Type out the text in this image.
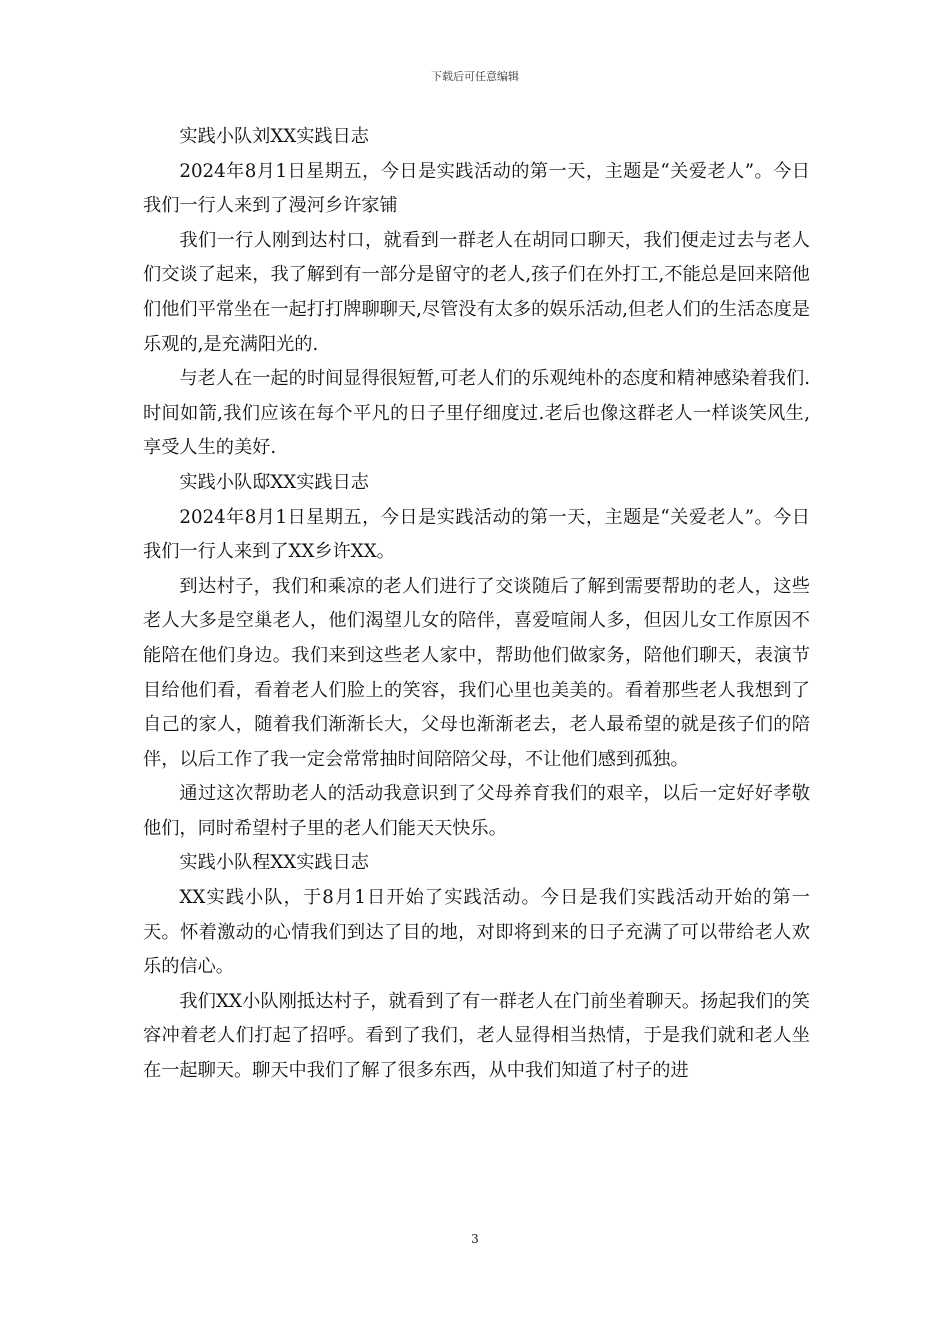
下载后可任意编辑

实践小队刘XX实践日志

2024年8月1日星期五，今日是实践活动的第一天，主题是“关爱老人”。今日我们一行人来到了漫河乡许家铺

我们一行人刚到达村口，就看到一群老人在胡同口聊天，我们便走过去与老人们交谈了起来，我了解到有一部分是留守的老人,孩子们在外打工,不能总是回来陪他们他们平常坐在一起打打牌聊聊天,尽管没有太多的娱乐活动,但老人们的生活态度是乐观的,是充满阳光的.

与老人在一起的时间显得很短暂,可老人们的乐观纯朴的态度和精神感染着我们.时间如箭,我们应该在每个平凡的日子里仔细度过.老后也像这群老人一样谈笑风生,享受人生的美好.

实践小队邸XX实践日志

2024年8月1日星期五，今日是实践活动的第一天，主题是“关爱老人”。今日我们一行人来到了XX乡许XX。

到达村子，我们和乘凉的老人们进行了交谈随后了解到需要帮助的老人，这些老人大多是空巢老人，他们渴望儿女的陪伴，喜爱喧闹人多，但因儿女工作原因不能陪在他们身边。我们来到这些老人家中，帮助他们做家务，陪他们聊天，表演节目给他们看，看着老人们脸上的笑容，我们心里也美美的。看着那些老人我想到了自己的家人，随着我们渐渐长大，父母也渐渐老去，老人最希望的就是孩子们的陪伴，以后工作了我一定会常常抽时间陪陪父母，不让他们感到孤独。

通过这次帮助老人的活动我意识到了父母养育我们的艰辛，以后一定好好孝敬他们，同时希望村子里的老人们能天天快乐。

实践小队程XX实践日志

XX实践小队，于8月1日开始了实践活动。今日是我们实践活动开始的第一天。怀着激动的心情我们到达了目的地，对即将到来的日子充满了可以带给老人欢乐的信心。

我们XX小队刚抵达村子，就看到了有一群老人在门前坐着聊天。扬起我们的笑容冲着老人们打起了招呼。看到了我们，老人显得相当热情，于是我们就和老人坐在一起聊天。聊天中我们了解了很多东西，从中我们知道了村子的进

3
